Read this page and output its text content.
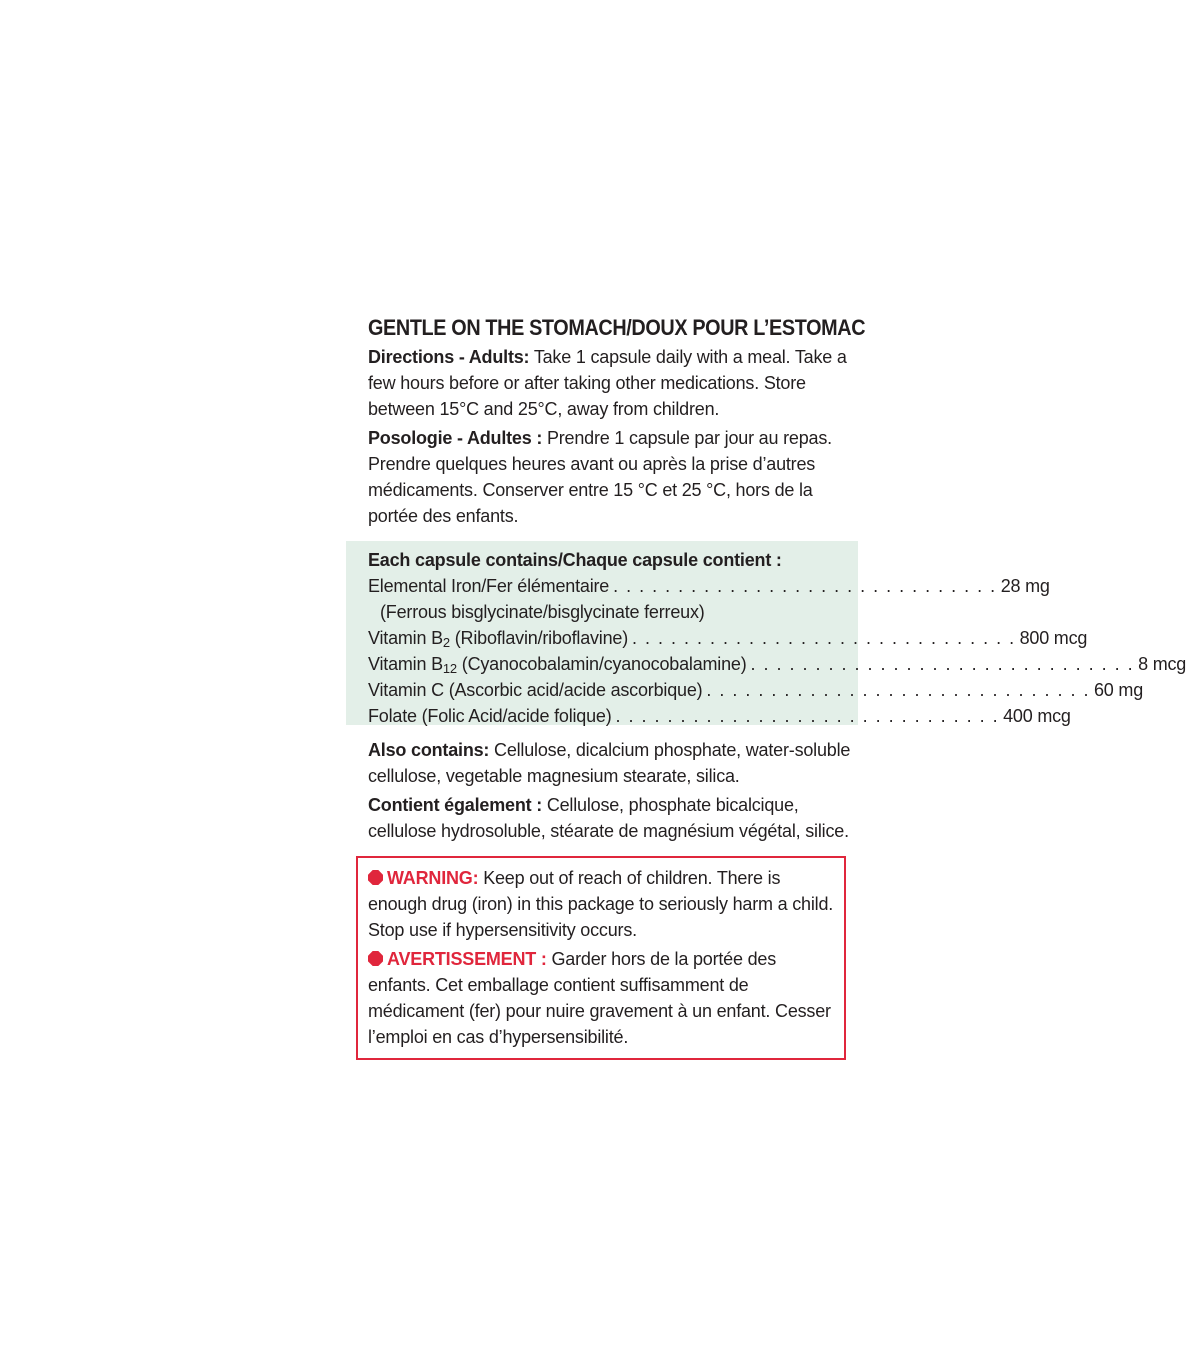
GENTLE ON THE STOMACH/DOUX POUR L’ESTOMAC

Directions - Adults: Take 1 capsule daily with a meal. Take a few hours before or after taking other medications. Store between 15°C and 25°C, away from children.

Posologie - Adultes : Prendre 1 capsule par jour au repas. Prendre quelques heures avant ou après la prise d’autres médicaments. Conserver entre 15 °C et 25 °C, hors de la portée des enfants.

Each capsule contains/Chaque capsule contient :
Elemental Iron/Fer élémentaire . . . . . . . . . . . . . . . . . . . . . . . . . . . . . . 28 mg
(Ferrous bisglycinate/bisglycinate ferreux)
Vitamin $B_2$ (Riboflavin/riboflavine) . . . . . . . . . . . . . . . . . . . . . . . . . . . . . . 800 mcg
Vitamin $B_{12}$ (Cyanocobalamin/cyanocobalamine) . . . . . . . . . . . . . . . . . . . . . . . . . . . . . . 8 mcg
Vitamin C (Ascorbic acid/acide ascorbique) . . . . . . . . . . . . . . . . . . . . . . . . . . . . . . 60 mg
Folate (Folic Acid/acide folique) . . . . . . . . . . . . . . . . . . . . . . . . . . . . . . 400 mcg

Also contains: Cellulose, dicalcium phosphate, water-soluble cellulose, vegetable magnesium stearate, silica.

Contient également : Cellulose, phosphate bicalcique, cellulose hydrosoluble, stéarate de magnésium végétal, silice.

WARNING: Keep out of reach of children. There is enough drug (iron) in this package to seriously harm a child. Stop use if hypersensitivity occurs.
AVERTISSEMENT : Garder hors de la portée des enfants. Cet emballage contient suffisamment de médicament (fer) pour nuire gravement à un enfant. Cesser l’emploi en cas d’hypersensibilité.
